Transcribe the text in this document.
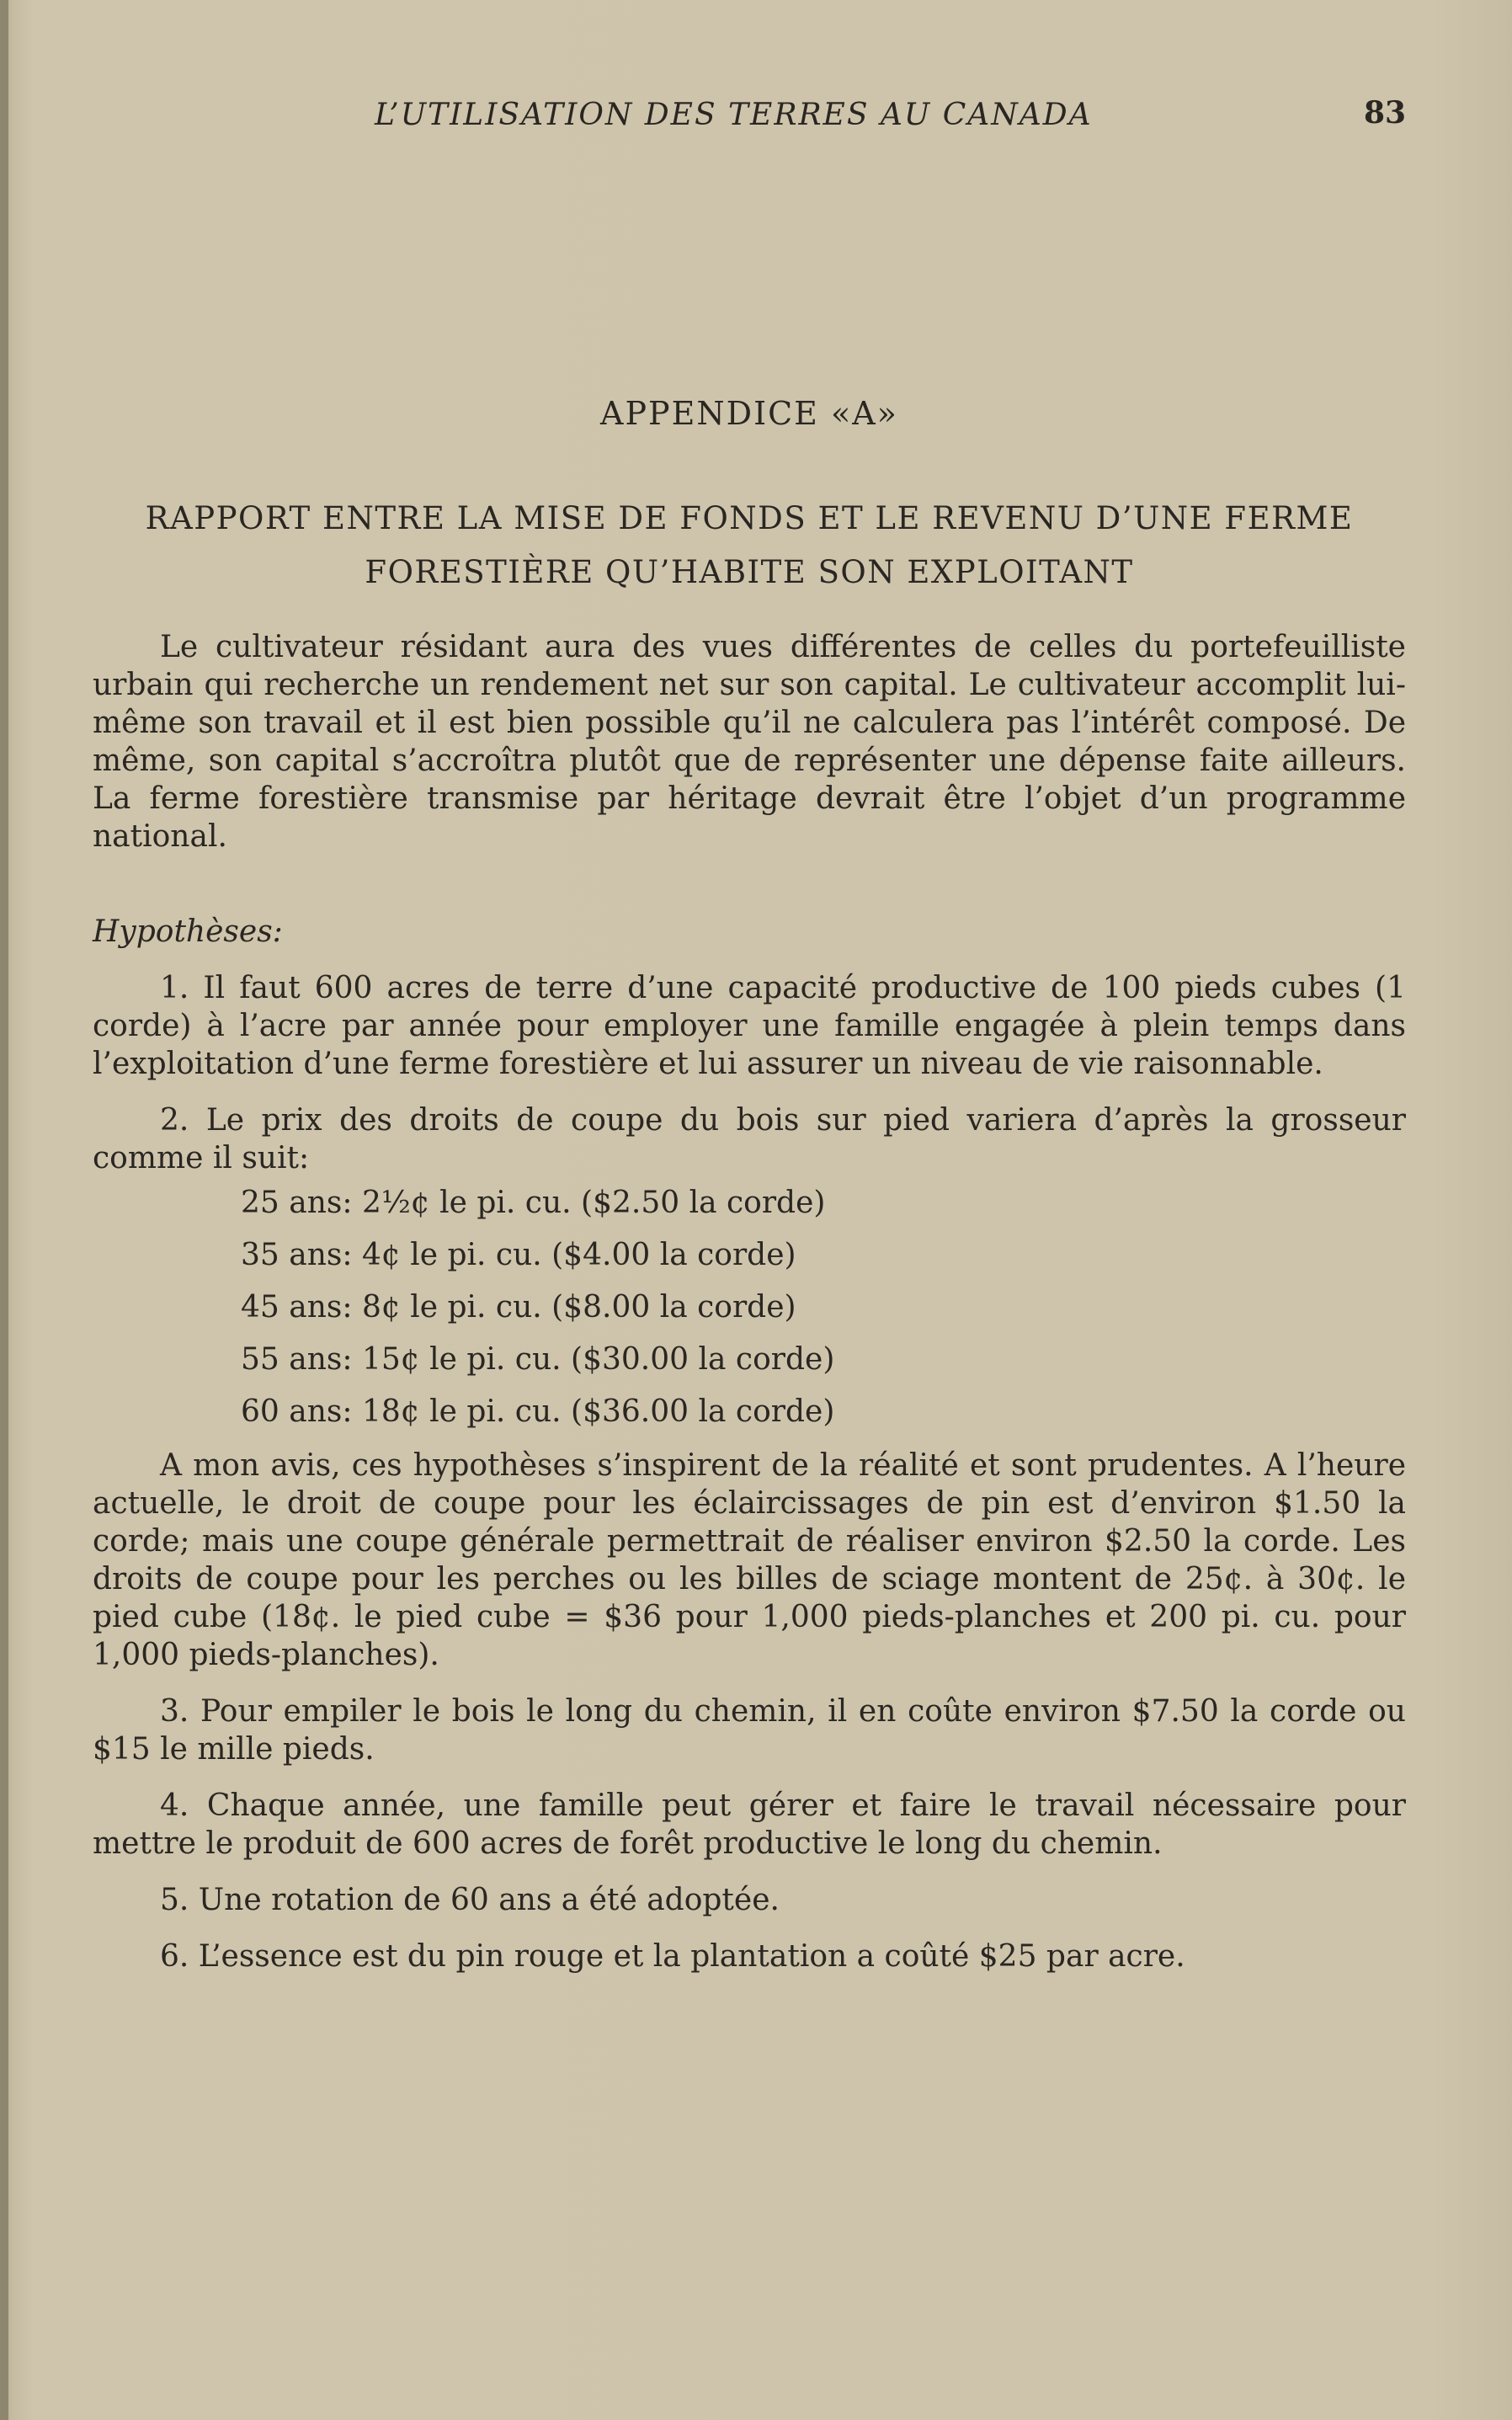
L’UTILISATION DES TERRES AU CANADA	83
APPENDICE «A»
RAPPORT ENTRE LA MISE DE FONDS ET LE REVENU D’UNE FERME
FORESTIÈRE QU’HABITE SON EXPLOITANT

Le cultivateur résidant aura des vues différentes de celles du portefeuilliste urbain qui recherche un rendement net sur son capital. Le cultivateur accomplit lui-même son travail et il est bien possible qu’il ne calculera pas l’intérêt composé. De même, son capital s’accroîtra plutôt que de représenter une dépense faite ailleurs. La ferme forestière transmise par héritage devrait être l’objet d’un programme national.

Hypothèses:

1. Il faut 600 acres de terre d’une capacité productive de 100 pieds cubes (1 corde) à l’acre par année pour employer une famille engagée à plein temps dans l’exploitation d’une ferme forestière et lui assurer un niveau de vie raisonnable.

2. Le prix des droits de coupe du bois sur pied variera d’après la grosseur comme il suit:

25 ans: 2½¢ le pi. cu. ($2.50 la corde)
35 ans: 4¢ le pi. cu. ($4.00 la corde)
45 ans: 8¢ le pi. cu. ($8.00 la corde)
55 ans: 15¢ le pi. cu. ($30.00 la corde)
60 ans: 18¢ le pi. cu. ($36.00 la corde)

A mon avis, ces hypothèses s’inspirent de la réalité et sont prudentes. A l’heure actuelle, le droit de coupe pour les éclaircissages de pin est d’environ $1.50 la corde; mais une coupe générale permettrait de réaliser environ $2.50 la corde. Les droits de coupe pour les perches ou les billes de sciage montent de 25¢. à 30¢. le pied cube (18¢. le pied cube = $36 pour 1,000 pieds-planches et 200 pi. cu. pour 1,000 pieds-planches).

3. Pour empiler le bois le long du chemin, il en coûte environ $7.50 la corde ou $15 le mille pieds.

4. Chaque année, une famille peut gérer et faire le travail nécessaire pour mettre le produit de 600 acres de forêt productive le long du chemin.

5. Une rotation de 60 ans a été adoptée.

6. L’essence est du pin rouge et la plantation a coûté $25 par acre.
